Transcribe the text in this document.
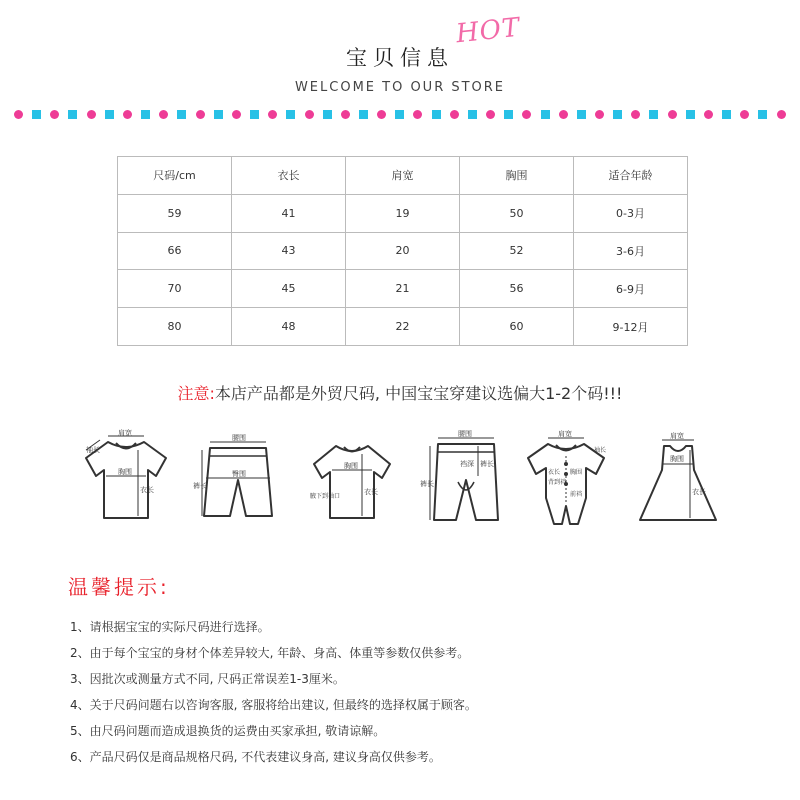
宝贝信息
HOT
WELCOME TO OUR STORE
尺码/cm	衣长	肩宽	胸围	适合年龄
59	41	19	50	0-3月
66	43	20	52	3-6月
70	45	21	56	6-9月
80	48	22	60	9-12月
注意:本店产品都是外贸尺码, 中国宝宝穿建议选偏大1-2个码!!!
袖长
肩宽
胸围
衣长
腰围
臀围
裤长
胸围
腋下到袖口
衣长
腰围
裆深 裤长
裤长
肩宽
袖长
衣长
背到裆
胸围
前裆
肩宽
胸围
衣长
温馨提示:
1、请根据宝宝的实际尺码进行选择。
2、由于每个宝宝的身材个体差异较大, 年龄、身高、体重等参数仅供参考。
3、因批次或测量方式不同, 尺码正常误差1-3厘米。
4、关于尺码问题右以咨询客服, 客服将给出建议, 但最终的选择权属于顾客。
5、由尺码问题而造成退换货的运费由买家承担, 敬请谅解。
6、产品尺码仅是商品规格尺码, 不代表建议身高, 建议身高仅供参考。
